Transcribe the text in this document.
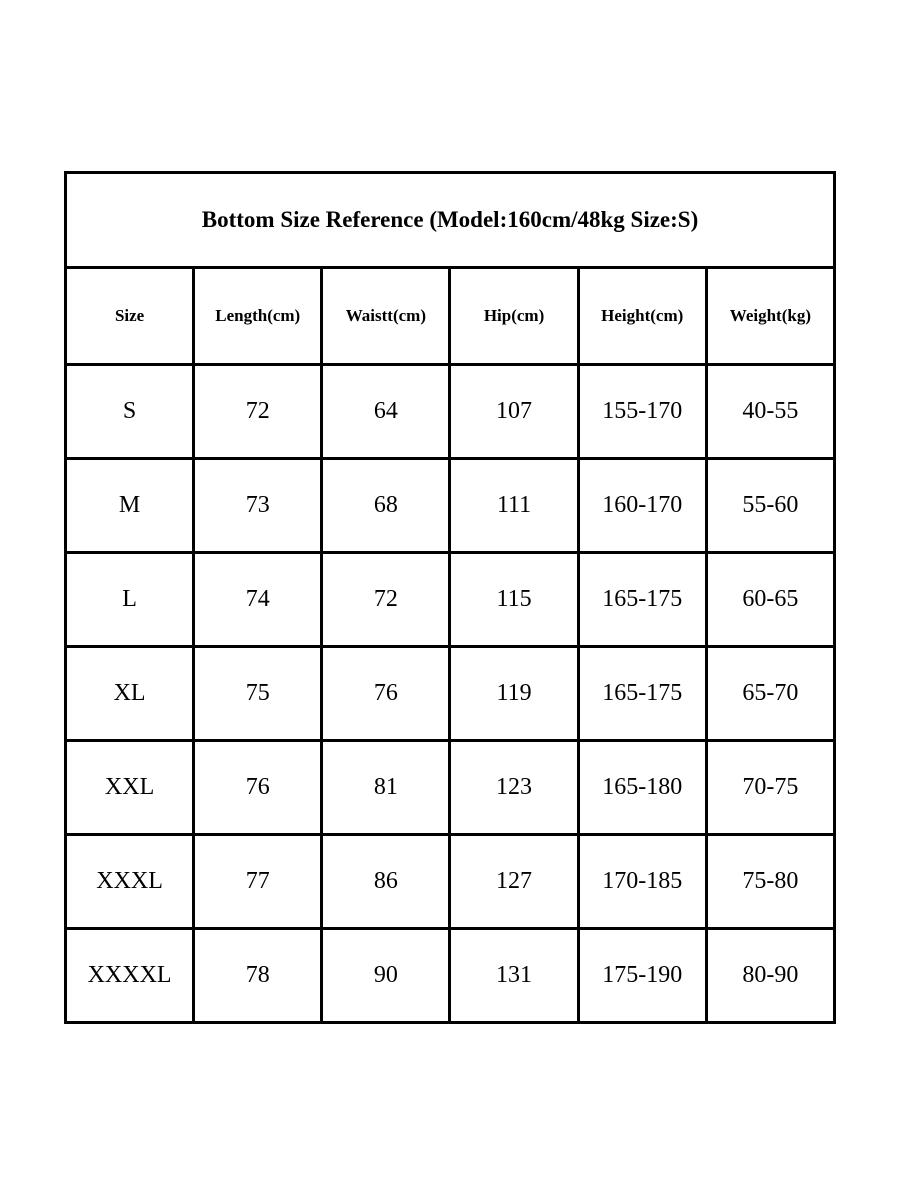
Bottom Size Reference (Model:160cm/48kg Size:S)					
Size	Length(cm)	Waistt(cm)	Hip(cm)	Height(cm)	Weight(kg)
S	72	64	107	155-170	40-55
M	73	68	111	160-170	55-60
L	74	72	115	165-175	60-65
XL	75	76	119	165-175	65-70
XXL	76	81	123	165-180	70-75
XXXL	77	86	127	170-185	75-80
XXXXL	78	90	131	175-190	80-90
